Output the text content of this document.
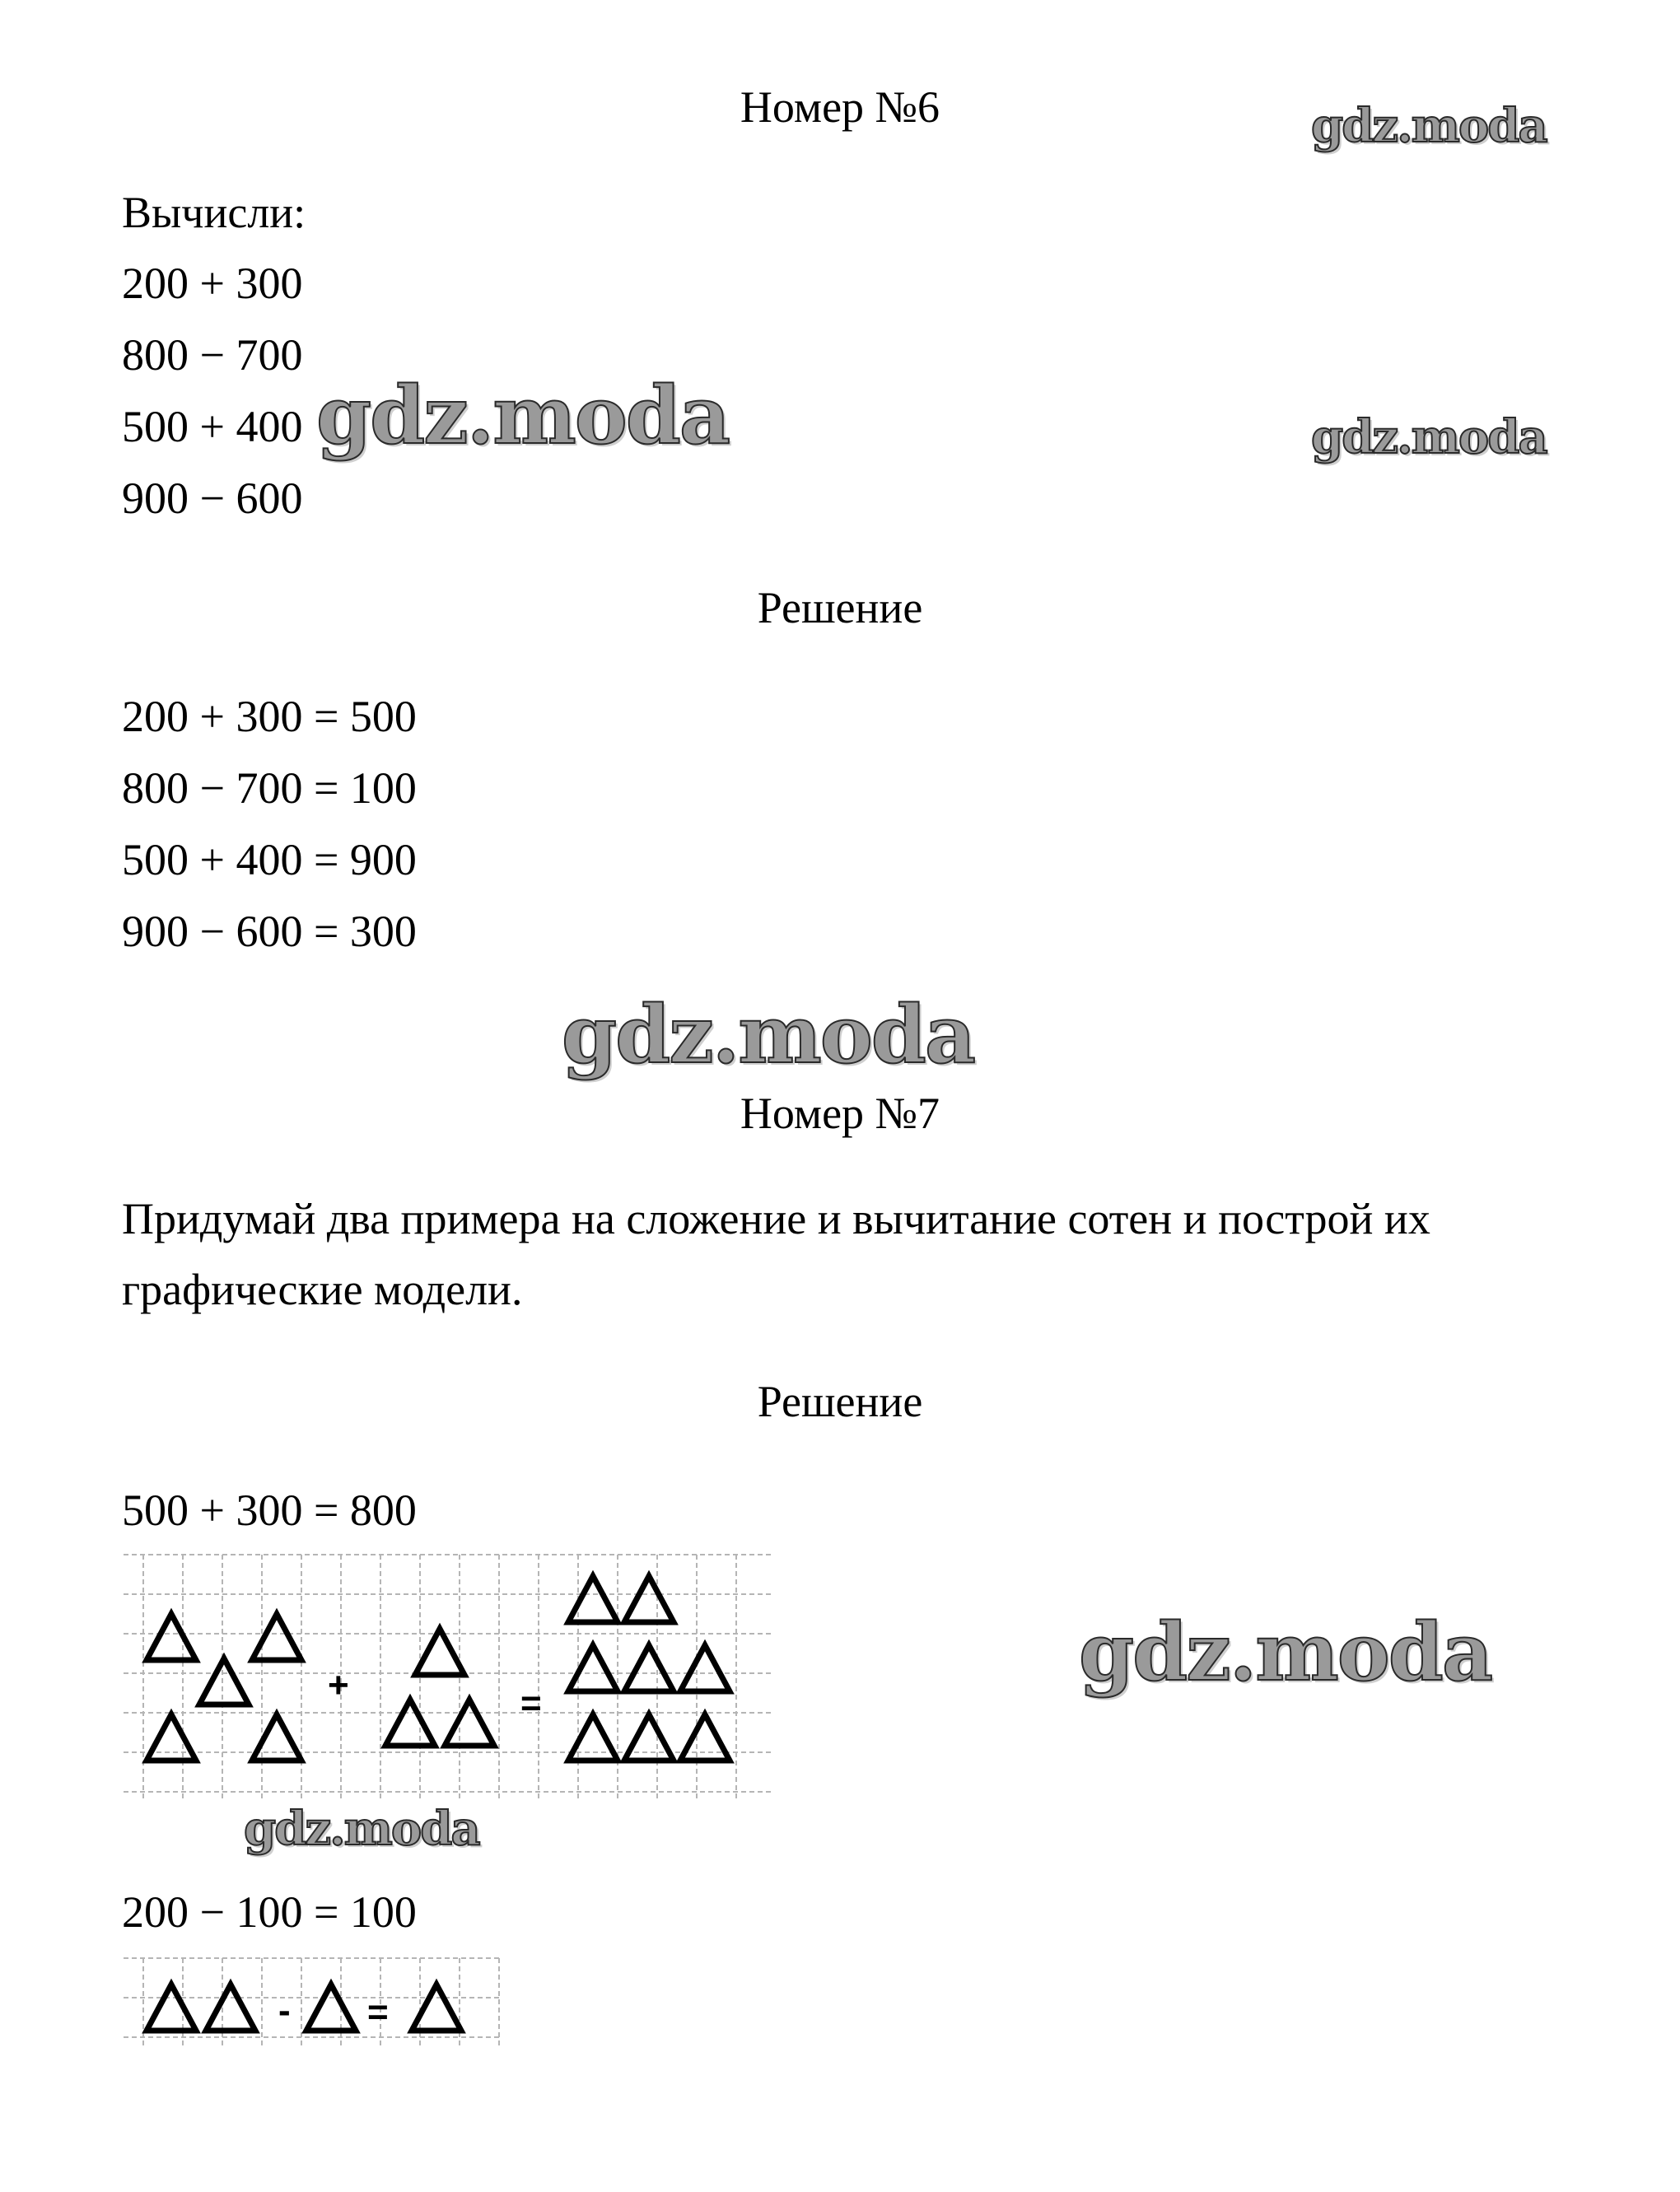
Номер №6
Вычисли:
200 + 300
800 − 700
500 + 400
900 − 600
Решение
200 + 300 = 500
800 − 700 = 100
500 + 400 = 900
900 − 600 = 300
Номер №7
Придумай два примера на сложение и вычитание сотен и построй их графические модели.
Решение
500 + 300 = 800
+	=
200 − 100 = 100
- =
gdz.moda
gdz.moda	gdz.moda
gdz.moda
gdz.moda
gdz.moda
